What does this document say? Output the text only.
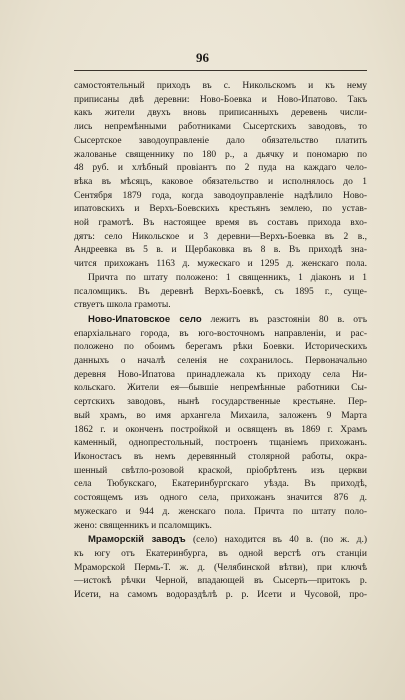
96

самостоятельный приходъ въ с. Никольскомъ и къ нему

приписаны двѣ деревни: Ново-Боевка и Ново-Ипатово. Такъ

какъ жители двухъ вновь приписанныхъ деревень числи-

лись непремѣнными работниками Сысертскихъ заводовъ, то

Сысертское заводоуправленіе дало обязательство платить

жалованье священнику по 180 р., а дьячку и пономарю по

48 руб. и хлѣбный провіантъ по 2 пуда на каждаго чело-

вѣка въ мѣсяцъ, каковое обязательство и исполнялось до 1

Сентября 1879 года, когда заводоуправленіе надѣлило Ново-

ипатовскихъ и Верхъ-Боевскихъ крестьянъ землею, по устав-

ной грамотѣ. Въ настоящее время въ составъ прихода вхо-

дятъ: село Никольское и 3 деревни—Верхъ-Боевка въ 2 в.,

Андреевка въ 5 в. и Щербаковка въ 8 в. Въ приходѣ зна-

чится прихожанъ 1163 д. мужескаго и 1295 д. женскаго пола.

Причта по штату положено: 1 священникъ, 1 діаконъ и 1

псаломщикъ. Въ деревнѣ Верхъ-Боевкѣ, съ 1895 г., суще-

ствуетъ школа грамоты.

Ново-Ипатовское село лежитъ въ разстояніи 80 в. отъ

епархіальнаго города, въ юго-восточномъ направленіи, и рас-

положено по обоимъ берегамъ рѣки Боевки. Историческихъ

данныхъ о началѣ селенія не сохранилось. Первоначально

деревня Ново-Ипатова принадлежала къ приходу села Ни-

кольскаго. Жители ея—бывшіе непремѣнные работники Сы-

сертскихъ заводовъ, нынѣ государственные крестьяне. Пер-

вый храмъ, во имя архангела Михаила, заложенъ 9 Марта

1862 г. и оконченъ постройкой и освященъ въ 1869 г. Храмъ

каменный, однопрестольный, построенъ тщаніемъ прихожанъ.

Иконостасъ въ немъ деревянный столярной работы, окра-

шенный свѣтло-розовой краской, пріобрѣтенъ изъ церкви

села Тюбукскаго, Екатеринбургскаго уѣзда. Въ приходѣ,

состоящемъ изъ одного села, прихожанъ значится 876 д.

мужескаго и 944 д. женскаго пола. Причта по штату поло-

жено: священникъ и псаломщикъ.

Мраморскій заводъ (село) находится въ 40 в. (по ж. д.)

къ югу отъ Екатеринбурга, въ одной верстѣ отъ станціи

Мраморской Пермь-Т. ж. д. (Челябинской вѣтви), при ключѣ

—истокѣ рѣчки Черной, впадающей въ Сысерть—притокъ р.

Исети, на самомъ водораздѣлѣ р. р. Исети и Чусовой, про-
